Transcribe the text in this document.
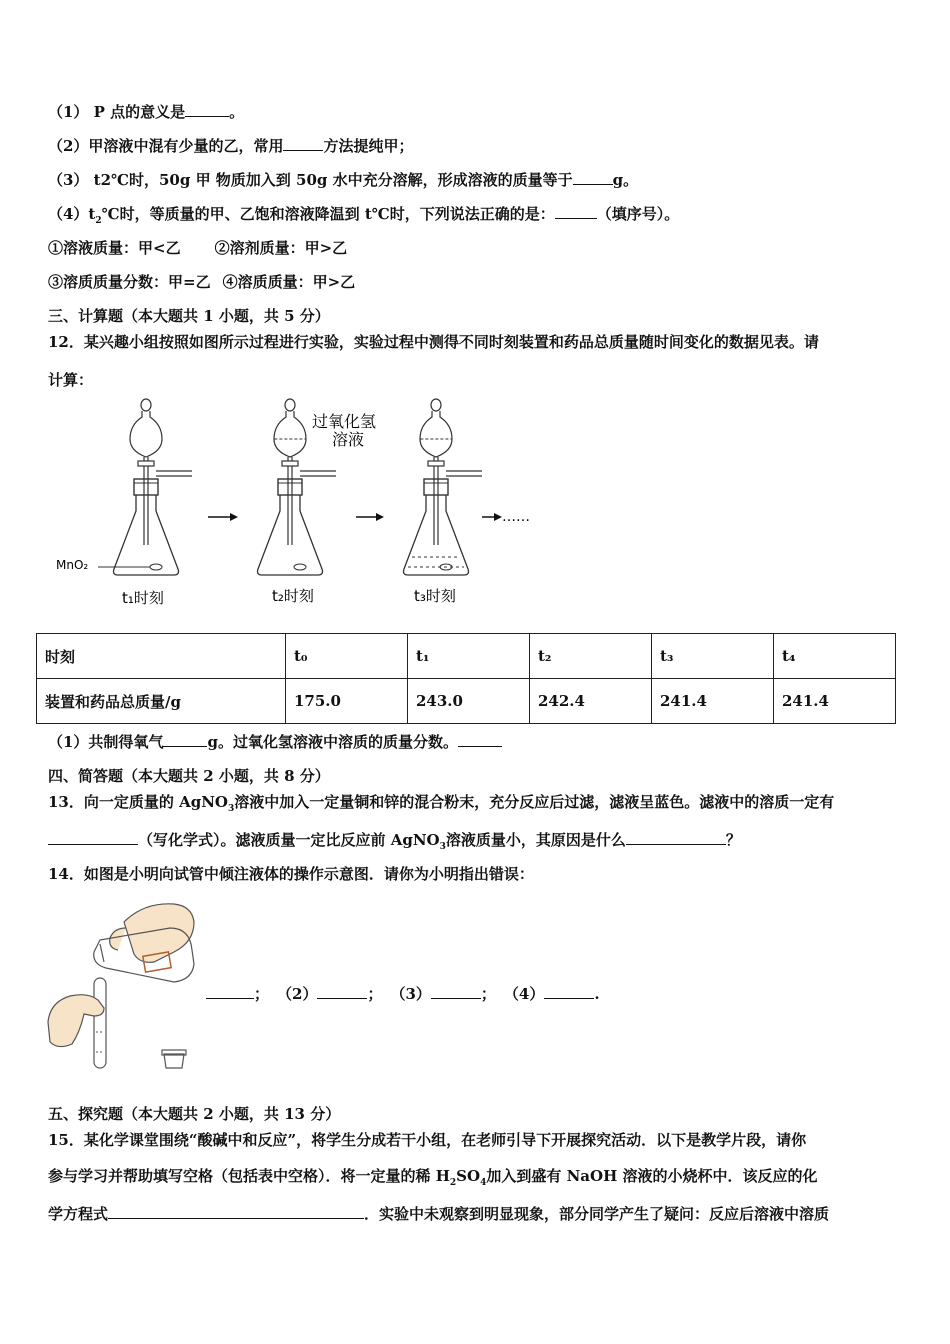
（1） P 点的意义是	。
（2）甲溶液中混有少量的乙，常用	方法提纯甲；
（3） t2℃时，50g 甲 物质加入到 50g 水中充分溶解，形成溶液的质量等于	g。
$(4)t_2℃$时，等质量的甲、乙饱和溶液降温到 t℃时，下列说法正确的是：	（填序号）。
①溶液质量：甲<乙 ②溶剂质量：甲>乙
③溶质质量分数：甲=乙 ④溶质质量：甲>乙
三、计算题（本大题共 1 小题，共 5 分）
12．某兴趣小组按照如图所示过程进行实验，实验过程中测得不同时刻装置和药品总质量随时间变化的数据见表。请
计算：
MnO₂
过氧化氢
溶液
t₁时刻	t₂时刻	t₃时刻
……
时刻	t₀	t₁	t₂	t₃	t₄
装置和药品总质量/g	175.0	243.0	242.4	241.4	241.4
（1）共制得氧气	g。过氧化氢溶液中溶质的质量分数。
四、简答题（本大题共 2 小题，共 8 分）
13．向一定质量的 AgNO$_3$溶液中加入一定量铜和锌的混合粉末，充分反应后过滤，滤液呈蓝色。滤液中的溶质一定有
（写化学式）。滤液质量一定比反应前 AgNO$_3$溶液质量小，其原因是什么	？
14．如图是小明向试管中倾注液体的操作示意图．请你为小明指出错误：
； （2）	； （3）	； （4）	.
五、探究题（本大题共 2 小题，共 13 分）
15．某化学课堂围绕“酸碱中和反应”，将学生分成若干小组，在老师引导下开展探究活动．以下是教学片段，请你
参与学习并帮助填写空格（包括表中空格）．将一定量的稀 $H_2SO_4$加入到盛有 NaOH 溶液的小烧杯中．该反应的化
学方程式	．实验中未观察到明显现象，部分同学产生了疑问：反应后溶液中溶质
